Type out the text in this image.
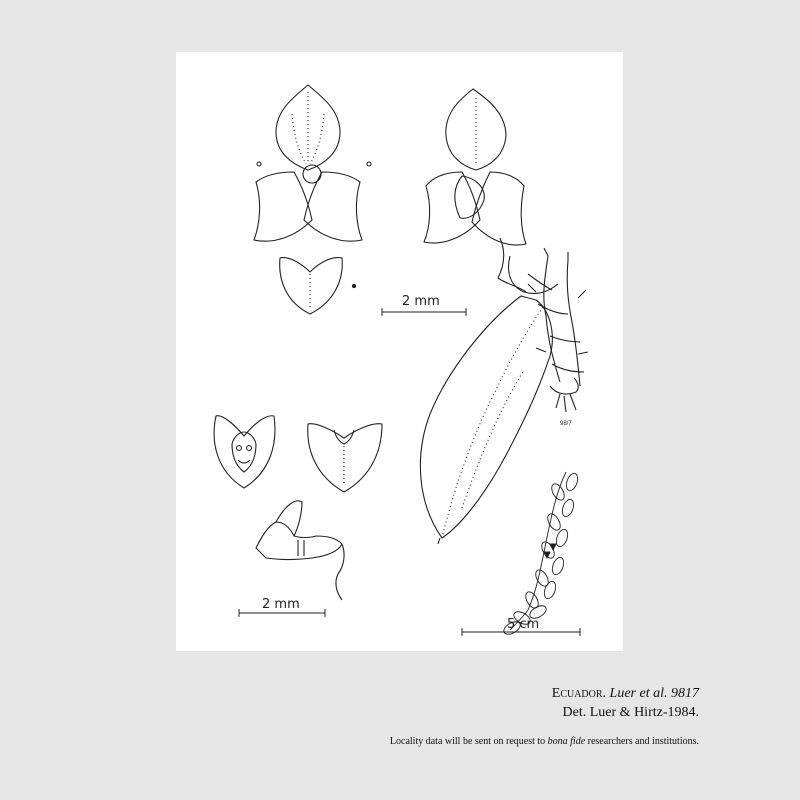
98/7
2 mm
2 mm
5 cm
Ecuador. Luer et al. 9817
Det. Luer & Hirtz-1984.
Locality data will be sent on request to bona fide researchers and institutions.
